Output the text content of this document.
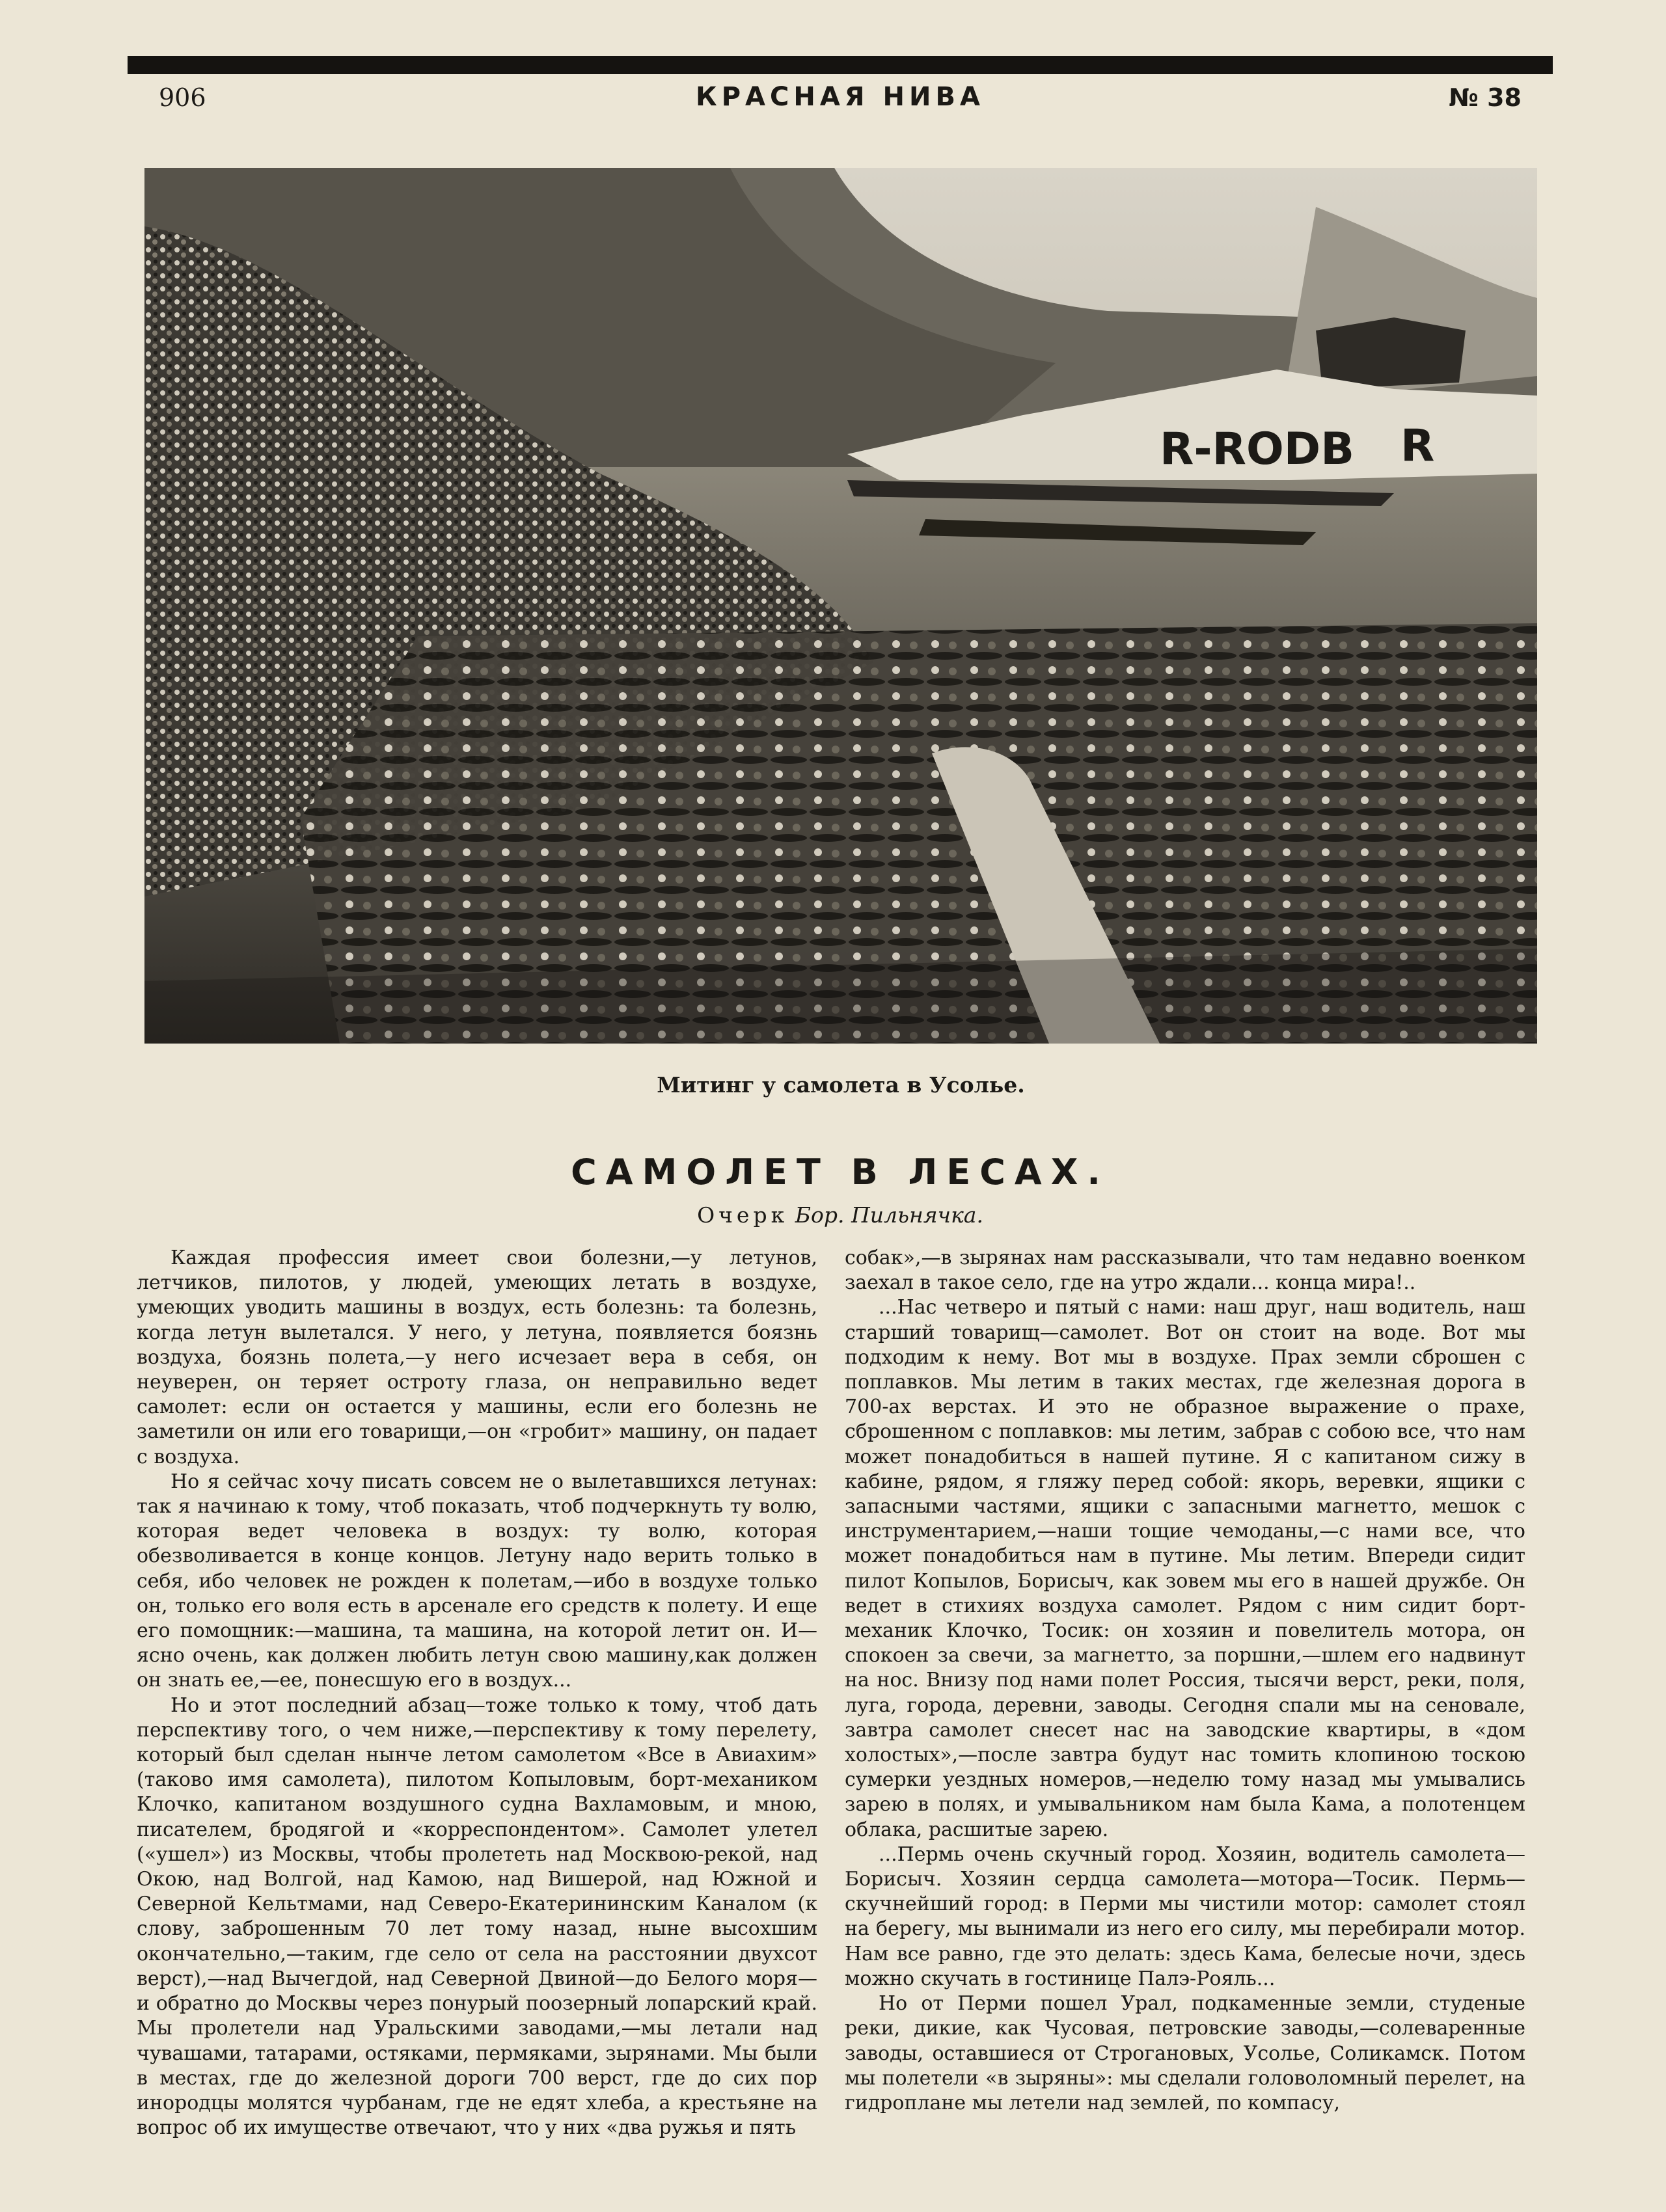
906	КРАСНАЯ НИВА	№ 38
R-RODB R
Митинг у самолета в Усолье.
САМОЛЕТ В ЛЕСАХ.
Очерк Бор. Пильнячка.

Каждая профессия имеет свои болезни,—у летунов, летчиков, пилотов, у людей, умеющих летать в воздухе, умеющих уводить машины в воздух, есть болезнь: та болезнь, когда летун вылетался. У него, у летуна, появляется боязнь воздуха, боязнь полета,—у него исчезает вера в себя, он неуверен, он теряет остроту глаза, он неправильно ведет самолет: если он остается у машины, если его болезнь не заметили он или его товарищи,—он «гробит» машину, он падает с воздуха.

Но я сейчас хочу писать совсем не о вылетавшихся летунах: так я начинаю к тому, чтоб показать, чтоб подчеркнуть ту волю, которая ведет человека в воздух: ту волю, которая обезволивается в конце концов. Летуну надо верить только в себя, ибо человек не рожден к полетам,—ибо в воздухе только он, только его воля есть в арсенале его средств к полету. И еще его помощник:—машина, та машина, на которой летит он. И—ясно очень, как должен любить летун свою машину,как должен он знать ее,—ее, понесшую его в воздух...

Но и этот последний абзац—тоже только к тому, чтоб дать перспективу того, о чем ниже,—перспективу к тому перелету, который был сделан нынче летом самолетом «Все в Авиахим» (таково имя самолета), пилотом Копыловым, борт-механиком Клочко, капитаном воздушного судна Вахламовым, и мною, писателем, бродягой и «корреспондентом». Самолет улетел («ушел») из Москвы, чтобы пролететь над Москвою-рекой, над Окою, над Волгой, над Камою, над Вишерой, над Южной и Северной Кельтмами, над Северо-Екатерининским Каналом (к слову, заброшенным 70 лет тому назад, ныне высохшим окончательно,—таким, где село от села на расстоянии двухсот верст),—над Вычегдой, над Северной Двиной—до Белого моря—и обратно до Москвы через понурый поозерный лопарский край. Мы пролетели над Уральскими заводами,—мы летали над чувашами, татарами, остяками, пермяками, зырянами. Мы были в местах, где до железной дороги 700 верст, где до сих пор инородцы молятся чурбанам, где не едят хлеба, а крестьяне на вопрос об их имуществе отвечают, что у них «два ружья и пять

собак»,—в зырянах нам рассказывали, что там недавно военком заехал в такое село, где на утро ждали... конца мира!..

...Нас четверо и пятый с нами: наш друг, наш водитель, наш старший товарищ—самолет. Вот он стоит на воде. Вот мы подходим к нему. Вот мы в воздухе. Прах земли сброшен с поплавков. Мы летим в таких местах, где железная дорога в 700-ах верстах. И это не образное выражение о прахе, сброшенном с поплавков: мы летим, забрав с собою все, что нам может понадобиться в нашей путине. Я с капитаном сижу в кабине, рядом, я гляжу перед собой: якорь, веревки, ящики с запасными частями, ящики с запасными магнетто, мешок с инструментарием,—наши тощие чемоданы,—с нами все, что может понадобиться нам в путине. Мы летим. Впереди сидит пилот Копылов, Борисыч, как зовем мы его в нашей дружбе. Он ведет в стихиях воздуха самолет. Рядом с ним сидит борт-механик Клочко, Тосик: он хозяин и повелитель мотора, он спокоен за свечи, за магнетто, за поршни,—шлем его надвинут на нос. Внизу под нами полет Россия, тысячи верст, реки, поля, луга, города, деревни, заводы. Сегодня спали мы на сеновале, завтра самолет снесет нас на заводские квартиры, в «дом холостых»,—после завтра будут нас томить клопиною тоскою сумерки уездных номеров,—неделю тому назад мы умывались зарею в полях, и умывальником нам была Кама, а полотенцем облака, расшитые зарею.

...Пермь очень скучный город. Хозяин, водитель самолета—Борисыч. Хозяин сердца самолета—мотора—Тосик. Пермь—скучнейший город: в Перми мы чистили мотор: самолет стоял на берегу, мы вынимали из него его силу, мы перебирали мотор. Нам все равно, где это делать: здесь Кама, белесые ночи, здесь можно скучать в гостинице Палэ-Рояль...

Но от Перми пошел Урал, подкаменные земли, студеные реки, дикие, как Чусовая, петровские заводы,—солеваренные заводы, оставшиеся от Строгановых, Усолье, Соликамск. Потом мы полетели «в зыряны»: мы сделали головоломный перелет, на гидроплане мы летели над землей, по компасу,
